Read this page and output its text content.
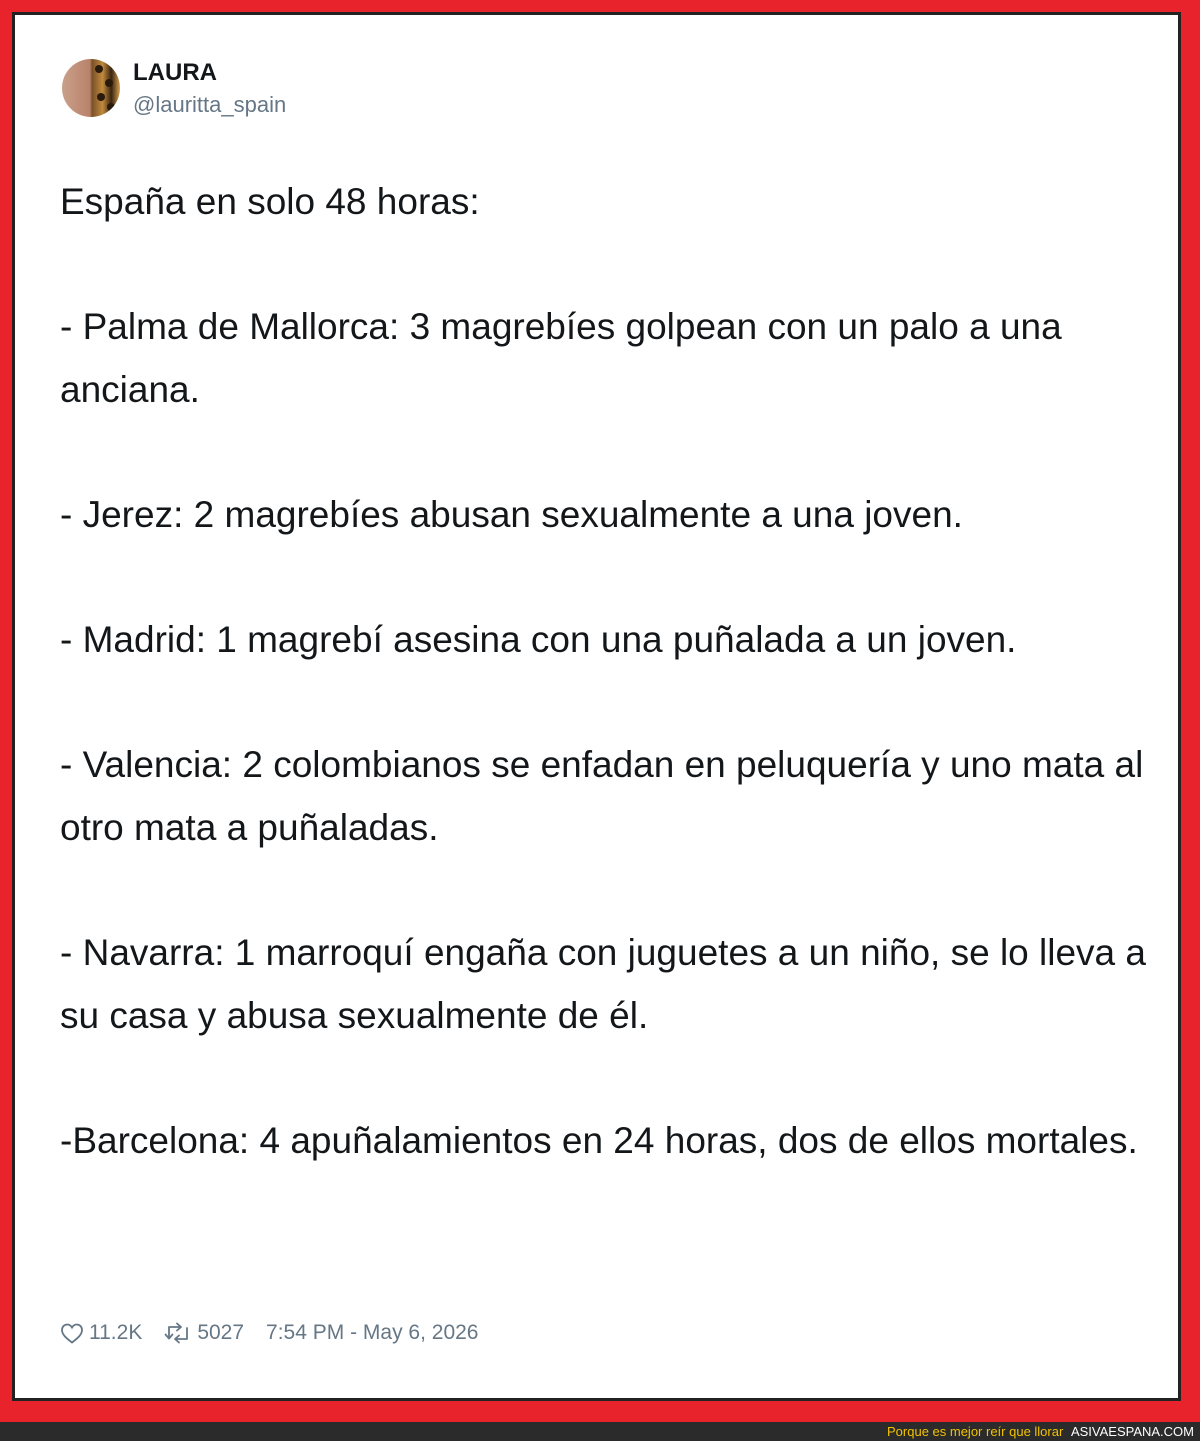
LAURA
@lauritta_spain

España en solo 48 horas:

- Palma de Mallorca: 3 magrebíes golpean con un palo a una anciana.

- Jerez: 2 magrebíes abusan sexualmente a una joven.

- Madrid: 1 magrebí asesina con una puñalada a un joven.

- Valencia: 2 colombianos se enfadan en peluquería y uno mata al otro mata a puñaladas.

- Navarra: 1 marroquí engaña con juguetes a un niño, se lo lleva a su casa y abusa sexualmente de él.

-Barcelona: 4 apuñalamientos en 24 horas, dos de ellos mortales.

11.2K	5027 7:54 PM - May 6, 2026
Porque es mejor reír que llorar ASIVAESPANA.COM
